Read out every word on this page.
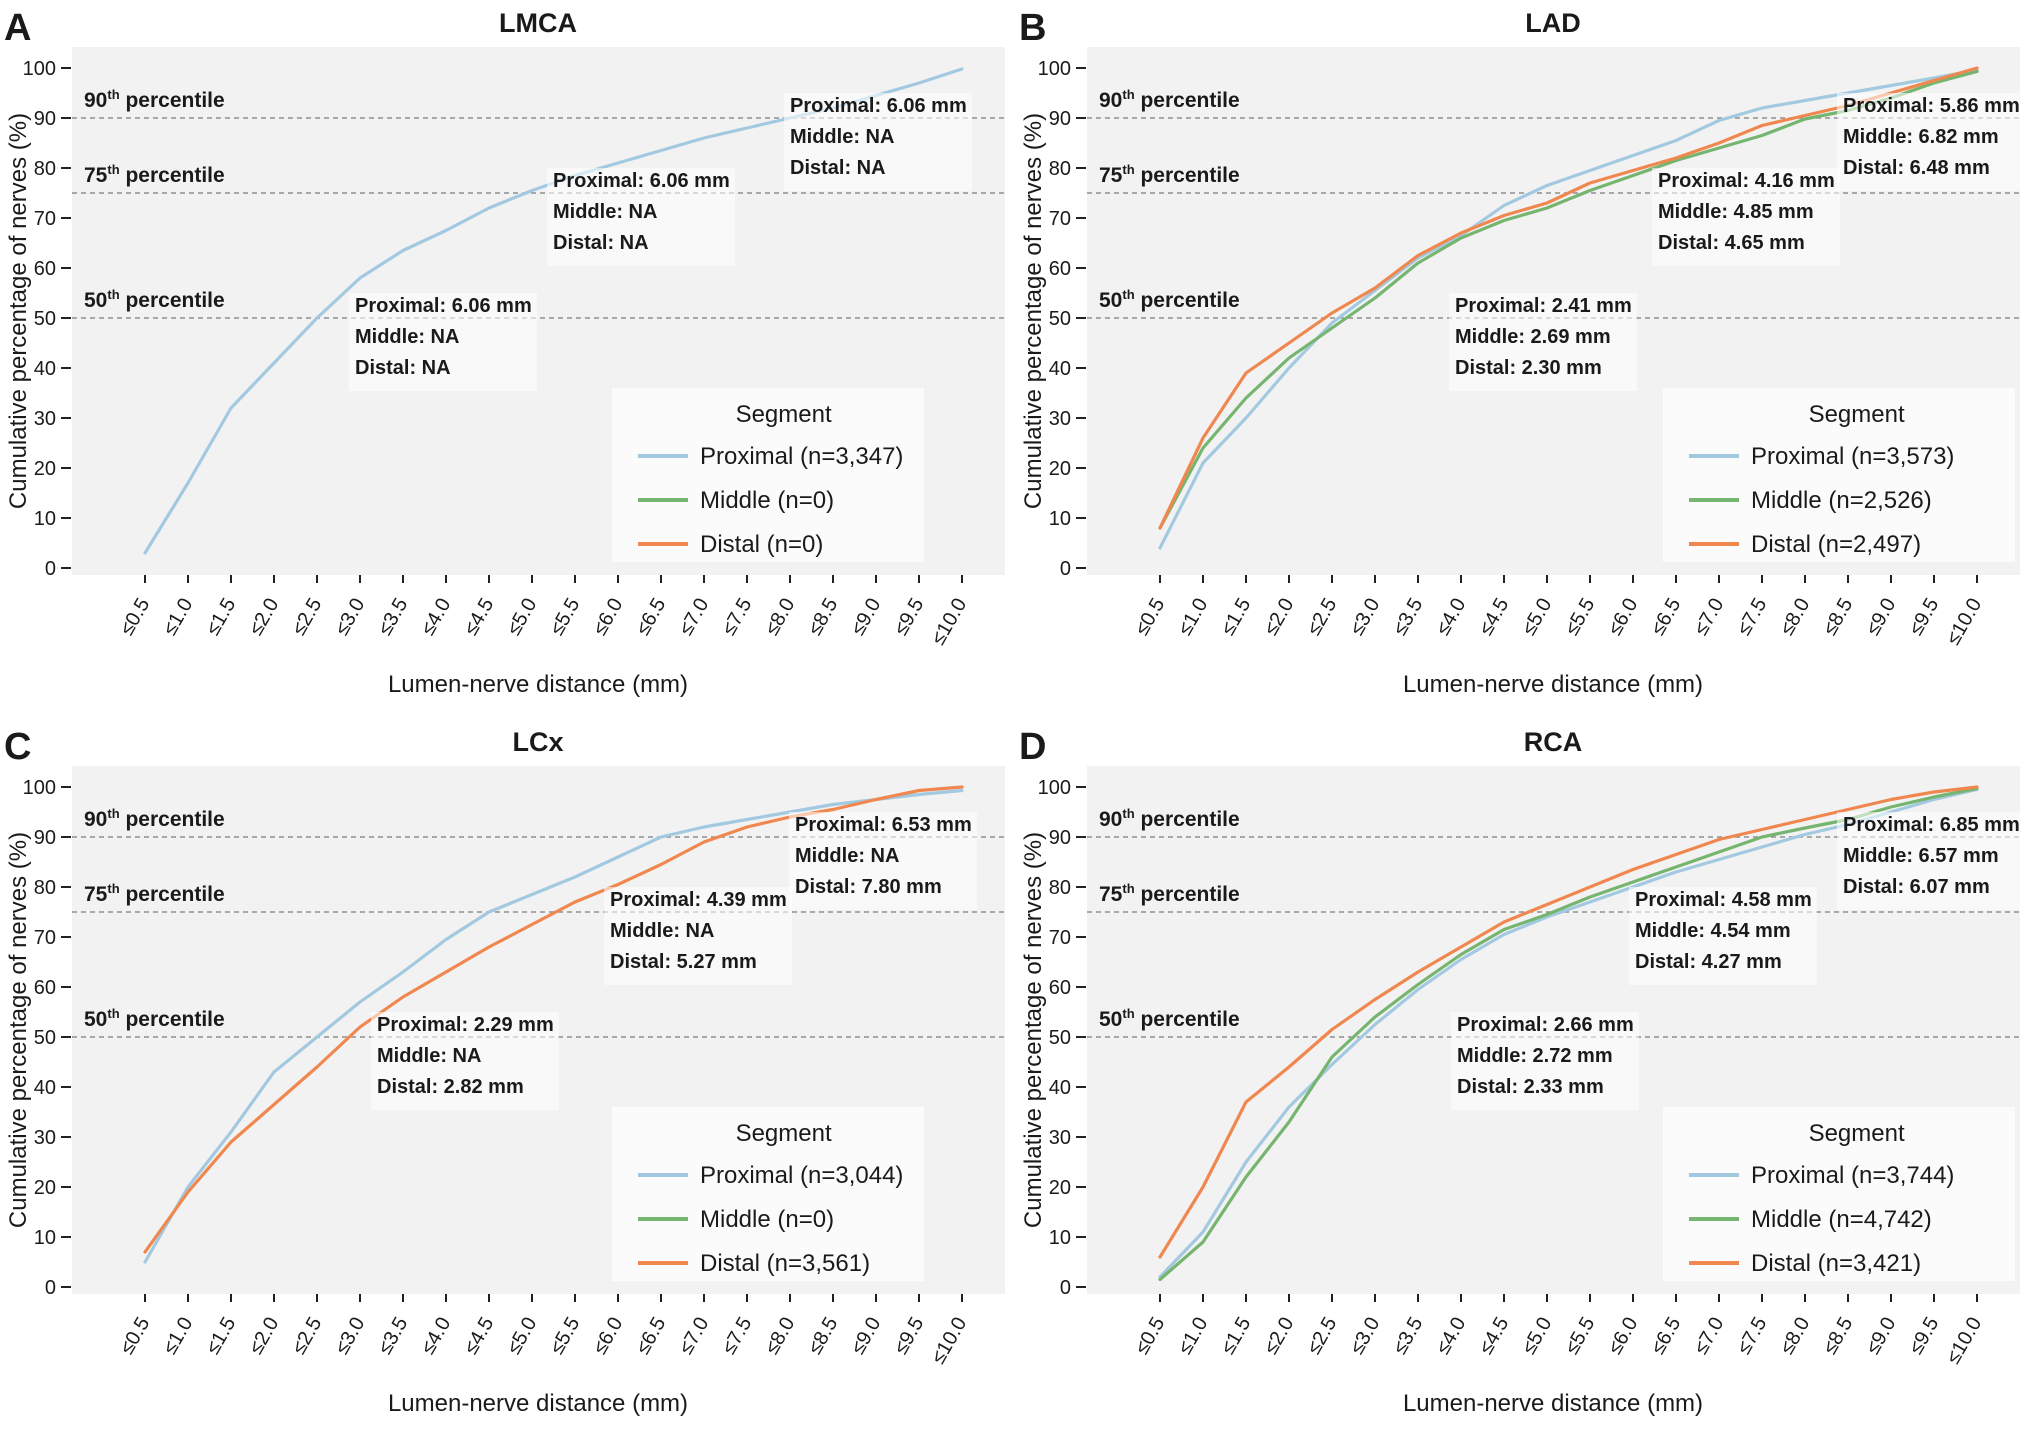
A	LMCA
0
10
20
30
40
50
60
70
80
90
100
≤0.5 ≤1.0 ≤1.5 ≤2.0 ≤2.5 ≤3.0 ≤3.5 ≤4.0 ≤4.5 ≤5.0 ≤5.5 ≤6.0 ≤6.5 ≤7.0 ≤7.5 ≤8.0 ≤8.5 ≤9.0 ≤9.5
≤10.0
Lumen-nerve distance (mm)
Cumulative percentage of nerves (%)
90th percentile
75th percentile
50th percentile
Proximal: 6.06 mm
Middle: NA
Distal: NA
Proximal: 6.06 mm
Middle: NA
Distal: NA
Proximal: 6.06 mm
Middle: NA
Distal: NA
Segment
Proximal (n=3,347)
Middle (n=0)
Distal (n=0)
B	LAD
0
10
20
30
40
50
60
70
80
90
100
≤0.5 ≤1.0 ≤1.5 ≤2.0 ≤2.5 ≤3.0 ≤3.5 ≤4.0 ≤4.5 ≤5.0 ≤5.5 ≤6.0 ≤6.5 ≤7.0 ≤7.5 ≤8.0 ≤8.5 ≤9.0 ≤9.5
≤10.0
Lumen-nerve distance (mm)
Cumulative percentage of nerves (%)
90th percentile
75th percentile
50th percentile
Proximal: 5.86 mm
Middle: 6.82 mm
Distal: 6.48 mm
Proximal: 4.16 mm
Middle: 4.85 mm
Distal: 4.65 mm
Proximal: 2.41 mm
Middle: 2.69 mm
Distal: 2.30 mm
Segment
Proximal (n=3,573)
Middle (n=2,526)
Distal (n=2,497)
C	LCx
0
10
20
30
40
50
60
70
80
90
100
≤0.5 ≤1.0 ≤1.5 ≤2.0 ≤2.5 ≤3.0 ≤3.5 ≤4.0 ≤4.5 ≤5.0 ≤5.5 ≤6.0 ≤6.5 ≤7.0 ≤7.5 ≤8.0 ≤8.5 ≤9.0 ≤9.5
≤10.0
Lumen-nerve distance (mm)
Cumulative percentage of nerves (%)
90th percentile
75th percentile
50th percentile
Proximal: 6.53 mm
Middle: NA
Distal: 7.80 mm
Proximal: 4.39 mm
Middle: NA
Distal: 5.27 mm
Proximal: 2.29 mm
Middle: NA
Distal: 2.82 mm
Segment
Proximal (n=3,044)
Middle (n=0)
Distal (n=3,561)
D	RCA
0
10
20
30
40
50
60
70
80
90
100
≤0.5 ≤1.0 ≤1.5 ≤2.0 ≤2.5 ≤3.0 ≤3.5 ≤4.0 ≤4.5 ≤5.0 ≤5.5 ≤6.0 ≤6.5 ≤7.0 ≤7.5 ≤8.0 ≤8.5 ≤9.0 ≤9.5
≤10.0
Lumen-nerve distance (mm)
Cumulative percentage of nerves (%)
90th percentile
75th percentile
50th percentile
Proximal: 6.85 mm
Middle: 6.57 mm
Distal: 6.07 mm
Proximal: 4.58 mm
Middle: 4.54 mm
Distal: 4.27 mm
Proximal: 2.66 mm
Middle: 2.72 mm
Distal: 2.33 mm
Segment
Proximal (n=3,744)
Middle (n=4,742)
Distal (n=3,421)
